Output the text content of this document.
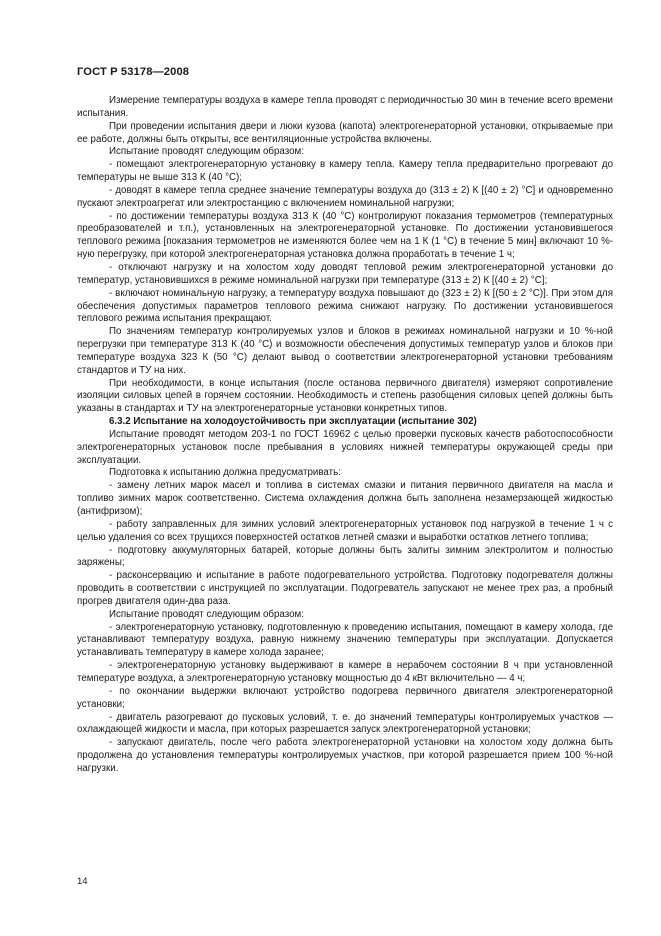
ГОСТ Р 53178—2008

Измерение температуры воздуха в камере тепла проводят с периодичностью 30 мин в течение всего времени испытания.

При проведении испытания двери и люки кузова (капота) электрогенераторной установки, открываемые при ее работе, должны быть открыты, все вентиляционные устройства включены.

Испытание проводят следующим образом:

- помещают электрогенераторную установку в камеру тепла. Камеру тепла предварительно прогревают до температуры не выше 313 К (40 °С);

- доводят в камере тепла среднее значение температуры воздуха до (313 ± 2) К [(40 ± 2) °С] и одновременно пускают электроагрегат или электростанцию с включением номинальной нагрузки;

- по достижении температуры воздуха 313 К (40 °С) контролируют показания термометров (температурных преобразователей и т.п.), установленных на электрогенераторной установке. По достижении установившегося теплового режима [показания термометров не изменяются более чем на 1 К (1 °С) в течение 5 мин] включают 10 %-ную перегрузку, при которой электрогенераторная установка должна проработать в течение 1 ч;

- отключают нагрузку и на холостом ходу доводят тепловой режим электрогенераторной установки до температур, установившихся в режиме номинальной нагрузки при температуре (313 ± 2) К [(40 ± 2) °С];

- включают номинальную нагрузку, а температуру воздуха повышают до (323 ± 2) К [(50 ± 2 °С)]. При этом для обеспечения допустимых параметров теплового режима снижают нагрузку. По достижении установившегося теплового режима испытания прекращают.

По значениям температур контролируемых узлов и блоков в режимах номинальной нагрузки и 10 %-ной перегрузки при температуре 313 К (40 °С) и возможности обеспечения допустимых температур узлов и блоков при температуре воздуха 323 К (50 °С) делают вывод о соответствии электрогенераторной установки требованиям стандартов и ТУ на них.

При необходимости, в конце испытания (после останова первичного двигателя) измеряют сопротивление изоляции силовых цепей в горячем состоянии. Необходимость и степень разобщения силовых цепей должны быть указаны в стандартах и ТУ на электрогенераторные установки конкретных типов.

6.3.2 Испытание на холодоустойчивость при эксплуатации (испытание 302)

Испытание проводят методом 203-1 по ГОСТ 16962 с целью проверки пусковых качеств работоспособности электрогенераторных установок после пребывания в условиях нижней температуры окружающей среды при эксплуатации.

Подготовка к испытанию должна предусматривать:

- замену летних марок масел и топлива в системах смазки и питания первичного двигателя на масла и топливо зимних марок соответственно. Система охлаждения должна быть заполнена незамерзающей жидкостью (антифризом);

- работу заправленных для зимних условий электрогенераторных установок под нагрузкой в течение 1 ч с целью удаления со всех трущихся поверхностей остатков летней смазки и выработки остатков летнего топлива;

- подготовку аккумуляторных батарей, которые должны быть залиты зимним электролитом и полностью заряжены;

- расконсервацию и испытание в работе подогревательного устройства. Подготовку подогревателя должны проводить в соответствии с инструкцией по эксплуатации. Подогреватель запускают не менее трех раз, а пробный прогрев двигателя один-два раза.

Испытание проводят следующим образом:

- электрогенераторную установку, подготовленную к проведению испытания, помещают в камеру холода, где устанавливают температуру воздуха, равную нижнему значению температуры при эксплуатации. Допускается устанавливать температуру в камере холода заранее;

- электрогенераторную установку выдерживают в камере в нерабочем состоянии 8 ч при установленной температуре воздуха, а электрогенераторную установку мощностью до 4 кВт включительно — 4 ч;

- по окончании выдержки включают устройство подогрева первичного двигателя электрогенераторной установки;

- двигатель разогревают до пусковых условий, т. е. до значений температуры контролируемых участков — охлаждающей жидкости и масла, при которых разрешается запуск электрогенераторной установки;

- запускают двигатель, после чего работа электрогенераторной установки на холостом ходу должна быть продолжена до установления температуры контролируемых участков, при которой разрешается прием 100 %-ной нагрузки.

14
